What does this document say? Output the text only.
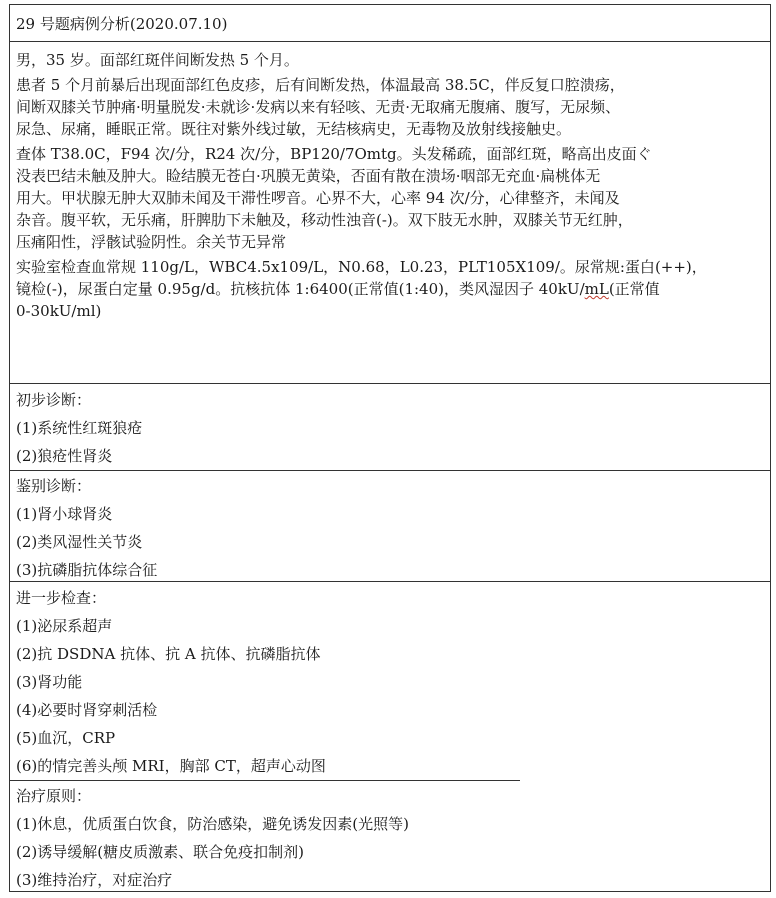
29 号题病例分析(2020.07.10)
男，35 岁。面部红斑伴间断发热 5 个月。
患者 5 个月前暴后出现面部红色皮疹，后有间断发热，体温最高 38.5C，伴反复口腔溃疡，
间断双膝关节肿痛·明量脱发·未就诊·发病以来有轻咳、无责·无取痛无腹痛、腹写，无尿频、
尿急、尿痛，睡眠正常。既往对紫外线过敏，无结核病史，无毒物及放射线接触史。
查体 T38.0C，F94 次/分，R24 次/分，BP120/7Omtg。头发稀疏，面部红斑，略高出皮面ぐ
没表巴结未触及肿大。睑结膜无苍白·巩膜无黄染，否面有散在溃场·咽部无充血·扁桃体无
用大。甲状腺无肿大双肺未闻及干滞性啰音。心界不大，心率 94 次/分，心律整齐，未闻及
杂音。腹平软，无乐痛，肝脾肋下未触及，移动性浊音(-)。双下肢无水肿，双膝关节无红肿，
压痛阳性，浮骸试验阴性。余关节无异常
实验室检查血常规 110g/L，WBC4.5x109/L，N0.68，L0.23，PLT105X109/。尿常规:蛋白(++)，
镜检(-)，尿蛋白定量 0.95g/d。抗核抗体 1:6400(正常值(1:40)，类风湿因子 40kU/mL(正常值
0-30kU/ml)
初步诊断：
(1)系统性红斑狼疮
(2)狼疮性肾炎
鉴别诊断：
(1)肾小球肾炎
(2)类风湿性关节炎
(3)抗磷脂抗体综合征
进一步检查：
(1)泌尿系超声
(2)抗 DSDNA 抗体、抗 A 抗体、抗磷脂抗体
(3)肾功能
(4)必要时肾穿刺活检
(5)血沉，CRP
(6)的情完善头颅 MRI，胸部 CT，超声心动图
治疗原则：
(1)休息，优质蛋白饮食，防治感染，避免诱发因素(光照等)
(2)诱导缓解(糖皮质激素、联合免疫扣制剂)
(3)维持治疗，对症治疗
